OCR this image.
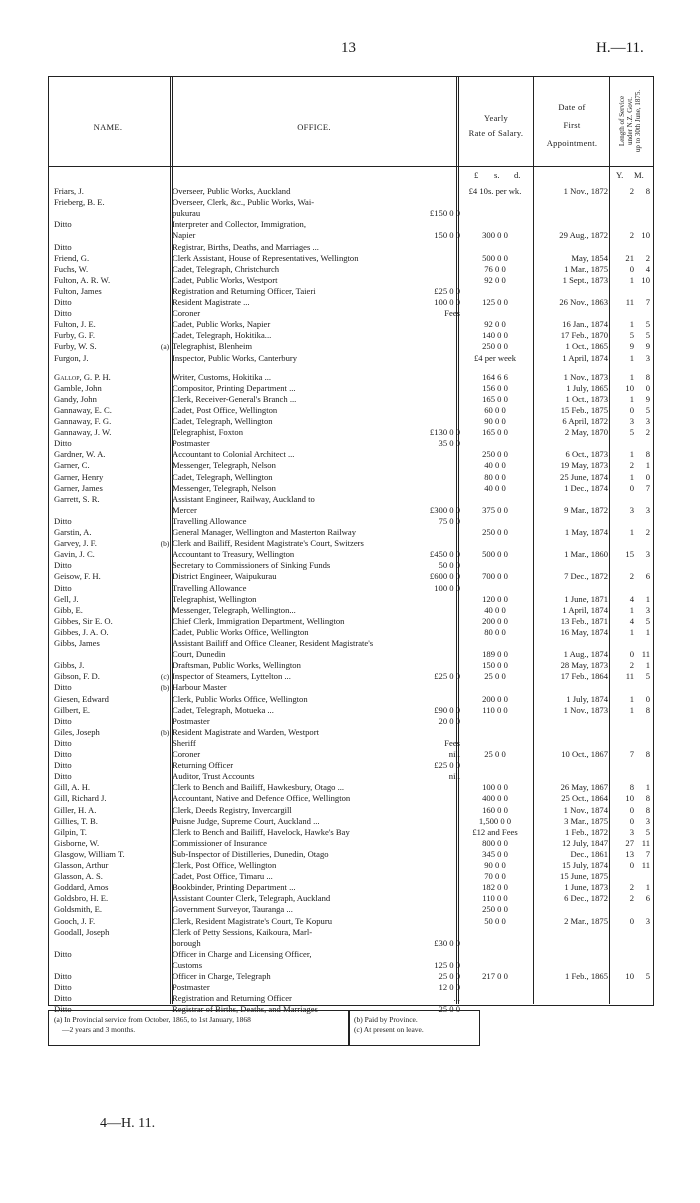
13	H.—11.
NAME.	OFFICE.
Yearly
Rate of Salary.
Date of
First
Appointment.	Length of Service under N.Z. Govt. up to 30th June, 1875.
£	s.	d.	Y.	M.
Friars, J.	Overseer, Public Works, Auckland	£4 10s. per wk.	1 Nov., 1872	2	8
Frieberg, B. E.	Overseer, Clerk, &c., Public Works, Wai-
pukurau	£150 0 0
Ditto	Interpreter and Collector, Immigration,
Napier	150 0 0	300 0 0	29 Aug., 1872	2 10
Ditto	Registrar, Births, Deaths, and Marriages ...
Friend, G.	Clerk Assistant, House of Representatives, Wellington	500 0 0	May, 1854	21	2
Fuchs, W.	Cadet, Telegraph, Christchurch	76 0 0	1 Mar., 1875	0	4
Fulton, A. R. W.	Cadet, Public Works, Westport	92 0 0	1 Sept., 1873	1 10
Fulton, James	Registration and Returning Officer, Taieri	£25 0 0
Ditto	Resident Magistrate ...	100 0 0	125 0 0	26 Nov., 1863	11	7
Ditto	Coroner	Fees
Fulton, J. E.	Cadet, Public Works, Napier	92 0 0	16 Jan., 1874	1	5
Furby, G. F.	Cadet, Telegraph, Hokitika...	140 0 0	17 Feb., 1870	5	5
Furby, W. S.	(a) Telegraphist, Blenheim	250 0 0	1 Oct., 1865	9	9
Furgon, J.	Inspector, Public Works, Canterbury	£4 per week	1 April, 1874	1	3
Gallop, G. P. H.	Writer, Customs, Hokitika ...	164 6 6	1 Nov., 1873	1	8
Gamble, John	Compositor, Printing Department ...	156 0 0	1 July, 1865	10	0
Gandy, John	Clerk, Receiver-General's Branch ...	165 0 0	1 Oct., 1873	1	9
Gannaway, E. C.	Cadet, Post Office, Wellington	60 0 0	15 Feb., 1875	0	5
Gannaway, F. G.	Cadet, Telegraph, Wellington	90 0 0	6 April, 1872	3	3
Gannaway, J. W.	Telegraphist, Foxton	£130 0 0	165 0 0	2 May, 1870	5	2
Ditto	Postmaster	35 0 0
Gardner, W. A.	Accountant to Colonial Architect ...	250 0 0	6 Oct., 1873	1	8
Garner, C.	Messenger, Telegraph, Nelson	40 0 0	19 May, 1873	2	1
Garner, Henry	Cadet, Telegraph, Wellington	80 0 0	25 June, 1874	1	0
Garner, James	Messenger, Telegraph, Nelson	40 0 0	1 Dec., 1874	0	7
Garrett, S. R.	Assistant Engineer, Railway, Auckland to
Mercer	£300 0 0	375 0 0	9 Mar., 1872	3	3
Ditto	Travelling Allowance	75 0 0
Garstin, A.	General Manager, Wellington and Masterton Railway	250 0 0	1 May, 1874	1	2
Garvey, J. F.	(b) Clerk and Bailiff, Resident Magistrate's Court, Switzers
Gavin, J. C.	Accountant to Treasury, Wellington	£450 0 0	500 0 0	1 Mar., 1860	15	3
Ditto	Secretary to Commissioners of Sinking Funds	50 0 0
Geisow, F. H.	District Engineer, Waipukurau	£600 0 0	700 0 0	7 Dec., 1872	2	6
Ditto	Travelling Allowance	100 0 0
Gell, J.	Telegraphist, Wellington	120 0 0	1 June, 1871	4	1
Gibb, E.	Messenger, Telegraph, Wellington...	40 0 0	1 April, 1874	1	3
Gibbes, Sir E. O.	Chief Clerk, Immigration Department, Wellington	200 0 0	13 Feb., 1871	4	5
Gibbes, J. A. O.	Cadet, Public Works Office, Wellington	80 0 0	16 May, 1874	1	1
Gibbs, James	Assistant Bailiff and Office Cleaner, Resident Magistrate's
Court, Dunedin	189 0 0	1 Aug., 1874	0 11
Gibbs, J.	Draftsman, Public Works, Wellington	150 0 0	28 May, 1873	2	1
Gibson, F. D.	(c) Inspector of Steamers, Lyttelton ...	£25 0 0	25 0 0	17 Feb., 1864	11	5
Ditto	(b) Harbour Master
Giesen, Edward	Clerk, Public Works Office, Wellington	200 0 0	1 July, 1874	1	0
Gilbert, E.	Cadet, Telegraph, Motueka ...	£90 0 0	110 0 0	1 Nov., 1873	1	8
Ditto	Postmaster	20 0 0
Giles, Joseph	(b) Resident Magistrate and Warden, Westport
Ditto	Sheriff	Fees
Ditto	Coroner	nil.	25 0 0	10 Oct., 1867	7	8
Ditto	Returning Officer	£25 0 0
Ditto	Auditor, Trust Accounts	nil.
Gill, A. H.	Clerk to Bench and Bailiff, Hawkesbury, Otago ...	100 0 0	26 May, 1867	8	1
Gill, Richard J.	Accountant, Native and Defence Office, Wellington	400 0 0	25 Oct., 1864	10	8
Giller, H. A.	Clerk, Deeds Registry, Invercargill	160 0 0	1 Nov., 1874	0	8
Gillies, T. B.	Puisne Judge, Supreme Court, Auckland ...	1,500 0 0	3 Mar., 1875	0	3
Gilpin, T.	Clerk to Bench and Bailiff, Havelock, Hawke's Bay	£12 and Fees	1 Feb., 1872	3	5
Gisborne, W.	Commissioner of Insurance	800 0 0	12 July, 1847	27 11
Glasgow, William T.	Sub-Inspector of Distilleries, Dunedin, Otago	345 0 0	Dec., 1861	13	7
Glasson, Arthur	Clerk, Post Office, Wellington	90 0 0	15 July, 1874	0 11
Glasson, A. S.	Cadet, Post Office, Timaru ...	70 0 0	15 June, 1875
Goddard, Amos	Bookbinder, Printing Department ...	182 0 0	1 June, 1873	2	1
Goldsbro, H. E.	Assistant Counter Clerk, Telegraph, Auckland	110 0 0	6 Dec., 1872	2	6
Goldsmith, E.	Government Surveyor, Tauranga ...	250 0 0
Gooch, J. F.	Clerk, Resident Magistrate's Court, Te Kopuru	50 0 0	2 Mar., 1875	0	3
Goodall, Joseph	Clerk of Petty Sessions, Kaikoura, Marl-
borough	£30 0 0
Ditto	Officer in Charge and Licensing Officer,
Customs	125 0 0
Ditto	Officer in Charge, Telegraph	25 0 0	217 0 0	1 Feb., 1865	10	5
Ditto	Postmaster	12 0 0
Ditto	Registration and Returning Officer	...
Ditto	Registrar of Births, Deaths, and Marriages	25 0 0
(a) In Provincial service from October, 1865, to 1st January, 1868
—2 years and 3 months.
(b) Paid by Province.
(c) At present on leave.
4—H. 11.
